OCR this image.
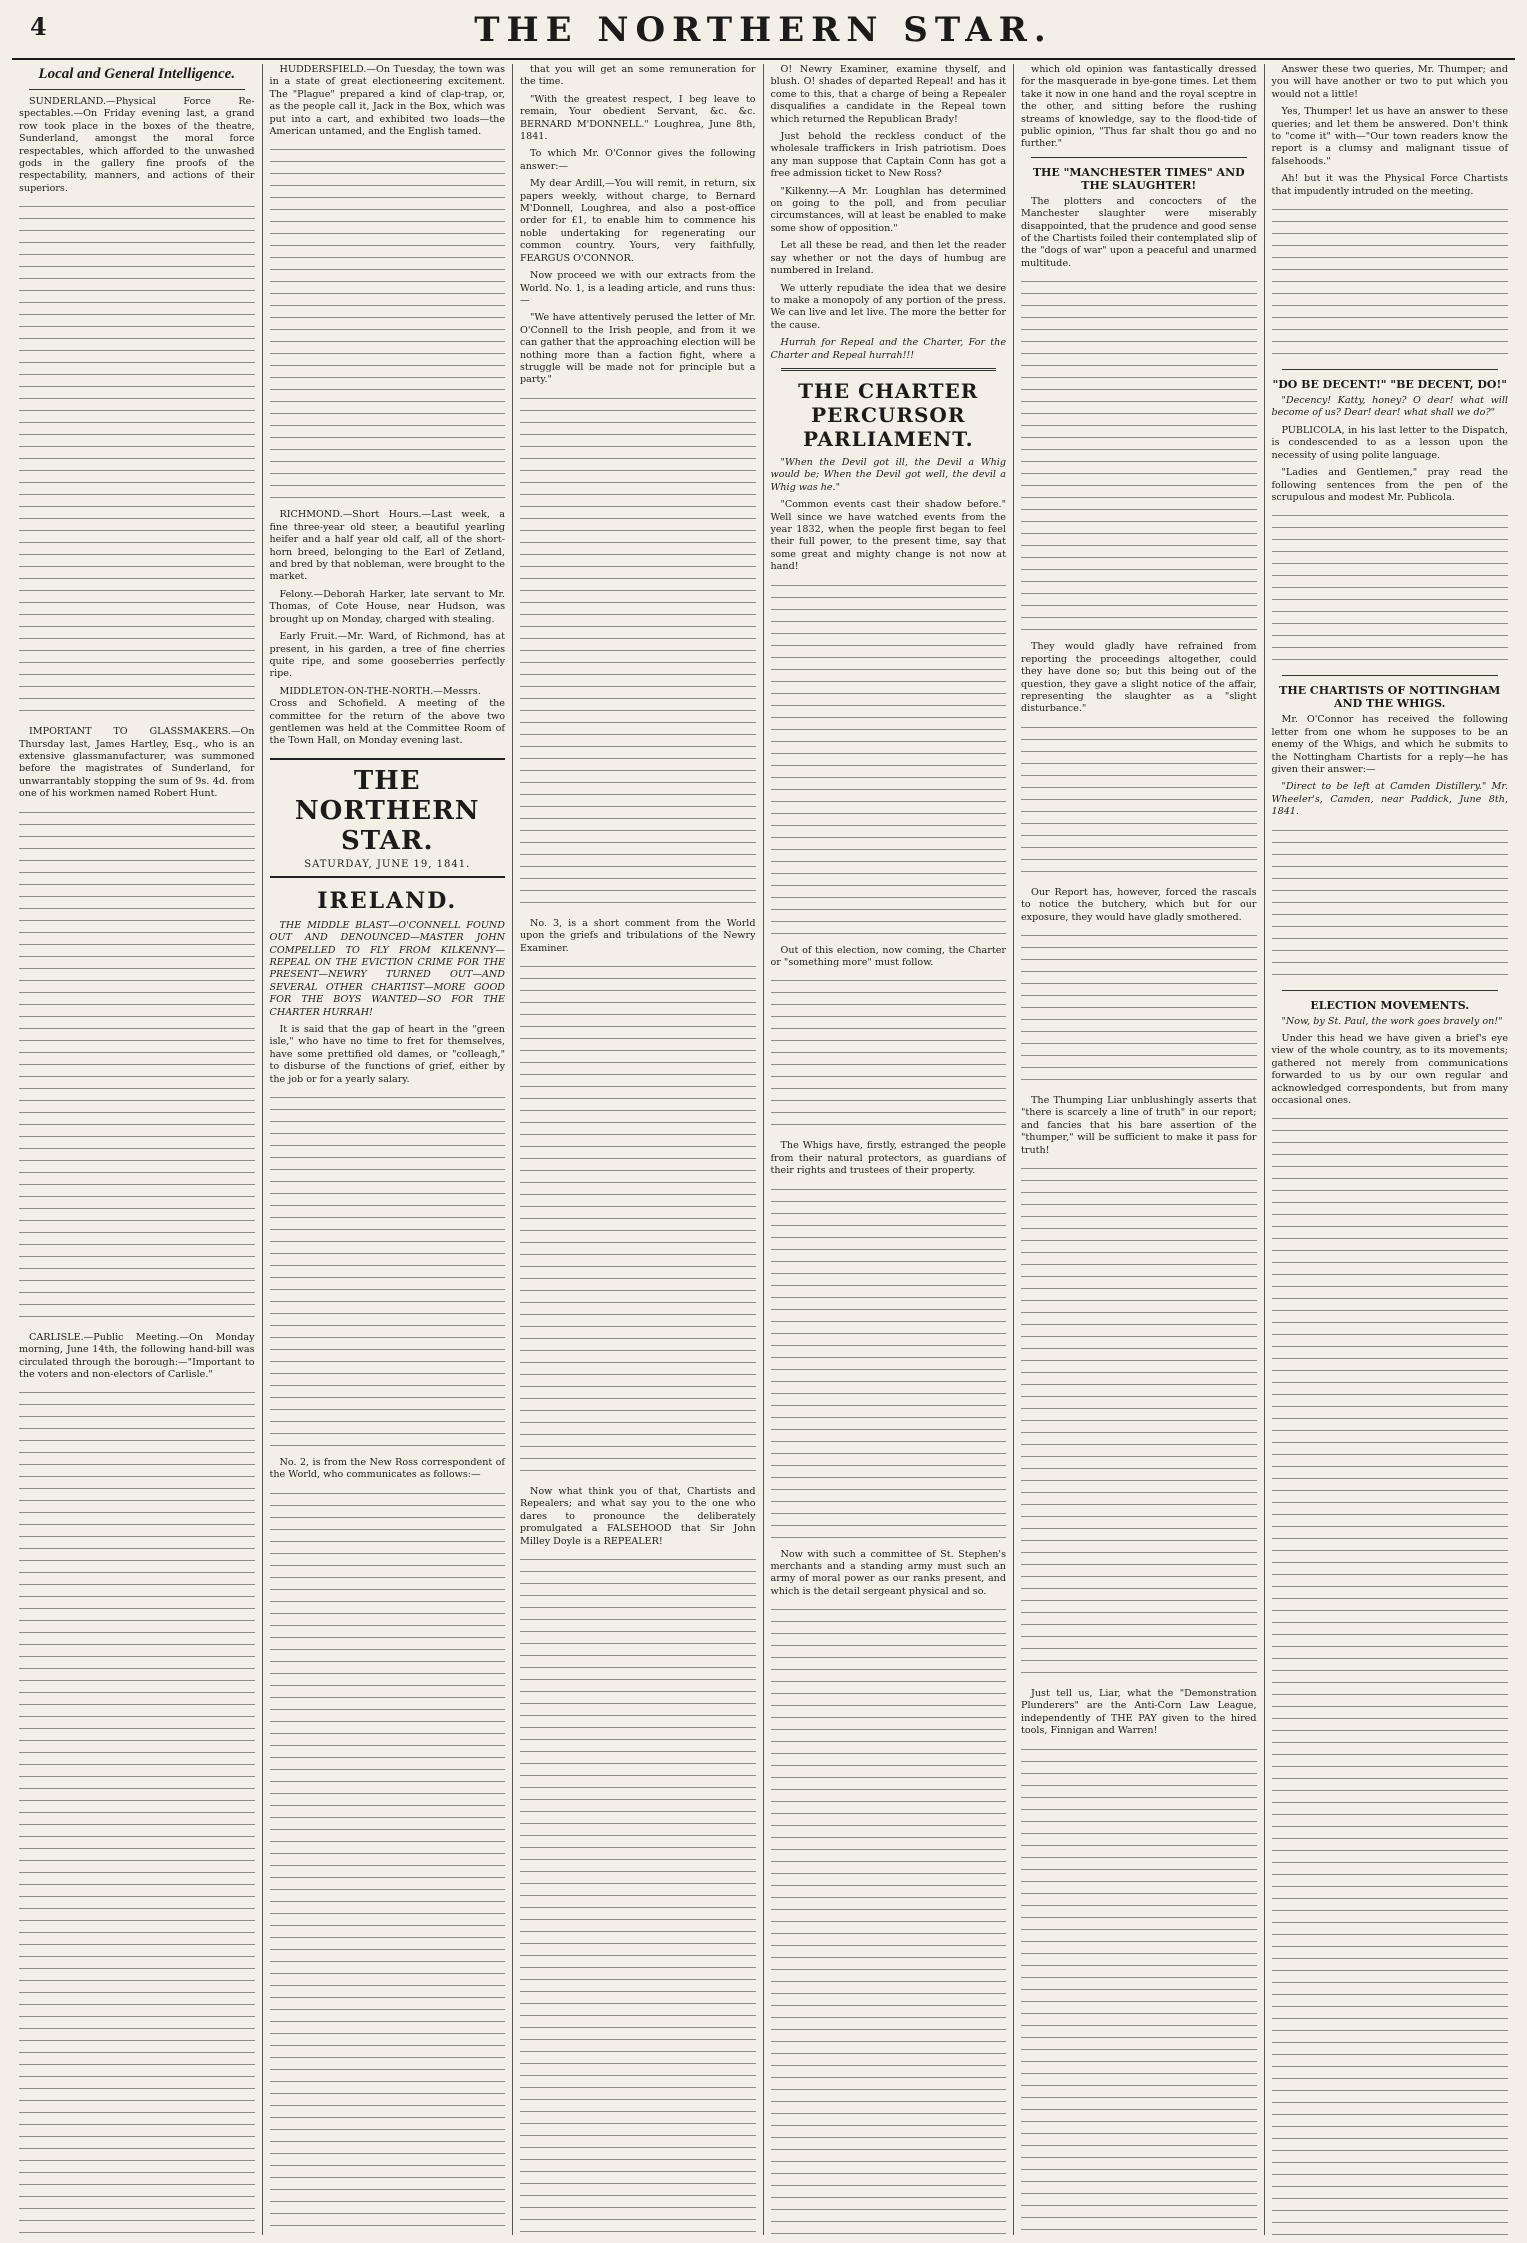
4	THE NORTHERN STAR.
Local and General Intelligence.

SUNDERLAND.—Physical Force Re-spectables.—On Friday evening last, a grand row took place in the boxes of the theatre, Sunderland, amongst the moral force respectables, which afforded to the unwashed gods in the gallery fine proofs of the respectability, manners, and actions of their superiors.

IMPORTANT TO GLASSMAKERS.—On Thursday last, James Hartley, Esq., who is an extensive glassmanufacturer, was summoned before the magistrates of Sunderland, for unwarrantably stopping the sum of 9s. 4d. from one of his workmen named Robert Hunt.

CARLISLE.—Public Meeting.—On Monday morning, June 14th, the following hand-bill was circulated through the borough:—"Important to the voters and non-electors of Carlisle."

HUDDERSFIELD.—On Tuesday, the town was in a state of great electioneering excitement. The "Plague" prepared a kind of clap-trap, or, as the people call it, Jack in the Box, which was put into a cart, and exhibited two loads—the American untamed, and the English tamed.

RICHMOND.—Short Hours.—Last week, a fine three-year old steer, a beautiful yearling heifer and a half year old calf, all of the short-horn breed, belonging to the Earl of Zetland, and bred by that nobleman, were brought to the market.

Felony.—Deborah Harker, late servant to Mr. Thomas, of Cote House, near Hudson, was brought up on Monday, charged with stealing.

Early Fruit.—Mr. Ward, of Richmond, has at present, in his garden, a tree of fine cherries quite ripe, and some gooseberries perfectly ripe.

MIDDLETON-ON-THE-NORTH.—Messrs. Cross and Schofield. A meeting of the committee for the return of the above two gentlemen was held at the Committee Room of the Town Hall, on Monday evening last.

THE NORTHERN STAR.
SATURDAY, JUNE 19, 1841.
IRELAND.

THE MIDDLE BLAST—O'CONNELL FOUND OUT AND DENOUNCED—MASTER JOHN COMPELLED TO FLY FROM KILKENNY—REPEAL ON THE EVICTION CRIME FOR THE PRESENT—NEWRY TURNED OUT—AND SEVERAL OTHER CHARTIST—MORE GOOD FOR THE BOYS WANTED—SO FOR THE CHARTER HURRAH!

It is said that the gap of heart in the "green isle," who have no time to fret for themselves, have some prettified old dames, or "colleagh," to disburse of the functions of grief, either by the job or for a yearly salary.

No. 2, is from the New Ross correspondent of the World, who communicates as follows:—

that you will get an some remuneration for the time.

"With the greatest respect, I beg leave to remain, Your obedient Servant, &c. &c. BERNARD M'DONNELL." Loughrea, June 8th, 1841.

To which Mr. O'Connor gives the following answer:—

My dear Ardill,—You will remit, in return, six papers weekly, without charge, to Bernard M'Donnell, Loughrea, and also a post-office order for £1, to enable him to commence his noble undertaking for regenerating our common country. Yours, very faithfully, FEARGUS O'CONNOR.

Now proceed we with our extracts from the World. No. 1, is a leading article, and runs thus:—

"We have attentively perused the letter of Mr. O'Connell to the Irish people, and from it we can gather that the approaching election will be nothing more than a faction fight, where a struggle will be made not for principle but a party."

No. 3, is a short comment from the World upon the griefs and tribulations of the Newry Examiner.

Now what think you of that, Chartists and Repealers; and what say you to the one who dares to pronounce the deliberately promulgated a FALSEHOOD that Sir John Milley Doyle is a REPEALER!

O! Newry Examiner, examine thyself, and blush. O! shades of departed Repeal! and has it come to this, that a charge of being a Repealer disqualifies a candidate in the Repeal town which returned the Republican Brady!

Just behold the reckless conduct of the wholesale traffickers in Irish patriotism. Does any man suppose that Captain Conn has got a free admission ticket to New Ross?

"Kilkenny.—A Mr. Loughlan has determined on going to the poll, and from peculiar circumstances, will at least be enabled to make some show of opposition."

Let all these be read, and then let the reader say whether or not the days of humbug are numbered in Ireland.

We utterly repudiate the idea that we desire to make a monopoly of any portion of the press. We can live and let live. The more the better for the cause.

Hurrah for Repeal and the Charter, For the Charter and Repeal hurrah!!!

THE CHARTER PERCURSOR PARLIAMENT.

"When the Devil got ill, the Devil a Whig would be; When the Devil got well, the devil a Whig was he."

"Common events cast their shadow before." Well since we have watched events from the year 1832, when the people first began to feel their full power, to the present time, say that some great and mighty change is not now at hand!

Out of this election, now coming, the Charter or "something more" must follow.

The Whigs have, firstly, estranged the people from their natural protectors, as guardians of their rights and trustees of their property.

Now with such a committee of St. Stephen's merchants and a standing army must such an army of moral power as our ranks present, and which is the detail sergeant physical and so.

which old opinion was fantastically dressed for the masquerade in bye-gone times. Let them take it now in one hand and the royal sceptre in the other, and sitting before the rushing streams of knowledge, say to the flood-tide of public opinion, "Thus far shalt thou go and no further."

THE "MANCHESTER TIMES" AND THE SLAUGHTER!

The plotters and concocters of the Manchester slaughter were miserably disappointed, that the prudence and good sense of the Chartists foiled their contemplated slip of the "dogs of war" upon a peaceful and unarmed multitude.

They would gladly have refrained from reporting the proceedings altogether, could they have done so; but this being out of the question, they gave a slight notice of the affair, representing the slaughter as a "slight disturbance."

Our Report has, however, forced the rascals to notice the butchery, which but for our exposure, they would have gladly smothered.

The Thumping Liar unblushingly asserts that "there is scarcely a line of truth" in our report; and fancies that his bare assertion of the "thumper," will be sufficient to make it pass for truth!

Just tell us, Liar, what the "Demonstration Plunderers" are the Anti-Corn Law League, independently of THE PAY given to the hired tools, Finnigan and Warren!

Answer these two queries, Mr. Thumper; and you will have another or two to put which you would not a little!

Yes, Thumper! let us have an answer to these queries; and let them be answered. Don't think to "come it" with—"Our town readers know the report is a clumsy and malignant tissue of falsehoods."

Ah! but it was the Physical Force Chartists that impudently intruded on the meeting.

"DO BE DECENT!" "BE DECENT, DO!"

"Decency! Katty, honey? O dear! what will become of us? Dear! dear! what shall we do?"

PUBLICOLA, in his last letter to the Dispatch, is condescended to as a lesson upon the necessity of using polite language.

"Ladies and Gentlemen," pray read the following sentences from the pen of the scrupulous and modest Mr. Publicola.

THE CHARTISTS OF NOTTINGHAM AND THE WHIGS.

Mr. O'Connor has received the following letter from one whom he supposes to be an enemy of the Whigs, and which he submits to the Nottingham Chartists for a reply—he has given their answer:—

"Direct to be left at Camden Distillery." Mr. Wheeler's, Camden, near Paddick, June 8th, 1841.

ELECTION MOVEMENTS.

"Now, by St. Paul, the work goes bravely on!"

Under this head we have given a brief's eye view of the whole country, as to its movements; gathered not merely from communications forwarded to us by our own regular and acknowledged correspondents, but from many occasional ones.
